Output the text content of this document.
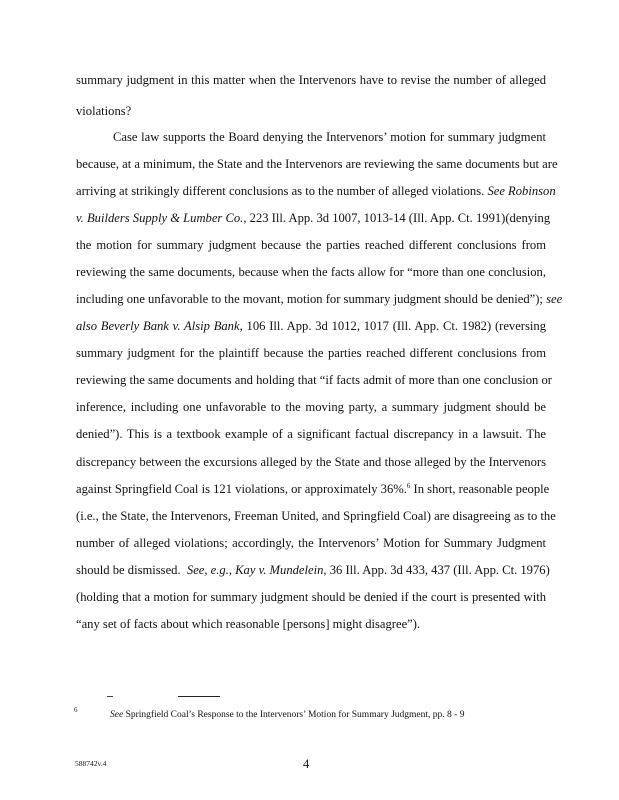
summary judgment in this matter when the Intervenors have to revise the number of alleged
violations?
Case law supports the Board denying the Intervenors’ motion for summary judgment
because, at a minimum, the State and the Intervenors are reviewing the same documents but are
arriving at strikingly different conclusions as to the number of alleged violations. See Robinson
v. Builders Supply & Lumber Co., 223 Ill. App. 3d 1007, 1013-14 (Ill. App. Ct. 1991)(denying
the motion for summary judgment because the parties reached different conclusions from
reviewing the same documents, because when the facts allow for “more than one conclusion,
including one unfavorable to the movant, motion for summary judgment should be denied”); see
also Beverly Bank v. Alsip Bank, 106 Ill. App. 3d 1012, 1017 (Ill. App. Ct. 1982) (reversing
summary judgment for the plaintiff because the parties reached different conclusions from
reviewing the same documents and holding that “if facts admit of more than one conclusion or
inference, including one unfavorable to the moving party, a summary judgment should be
denied”). This is a textbook example of a significant factual discrepancy in a lawsuit. The
discrepancy between the excursions alleged by the State and those alleged by the Intervenors
against Springfield Coal is 121 violations, or approximately 36%.$^6$ In short, reasonable people
(i.e., the State, the Intervenors, Freeman United, and Springfield Coal) are disagreeing as to the
number of alleged violations; accordingly, the Intervenors’ Motion for Summary Judgment
should be dismissed. See, e.g., Kay v. Mundelein, 36 Ill. App. 3d 433, 437 (Ill. App. Ct. 1976)
(holding that a motion for summary judgment should be denied if the court is presented with
“any set of facts about which reasonable [persons] might disagree”).
6	See Springfield Coal’s Response to the Intervenors’ Motion for Summary Judgment, pp. 8 - 9
588742v.4	4
